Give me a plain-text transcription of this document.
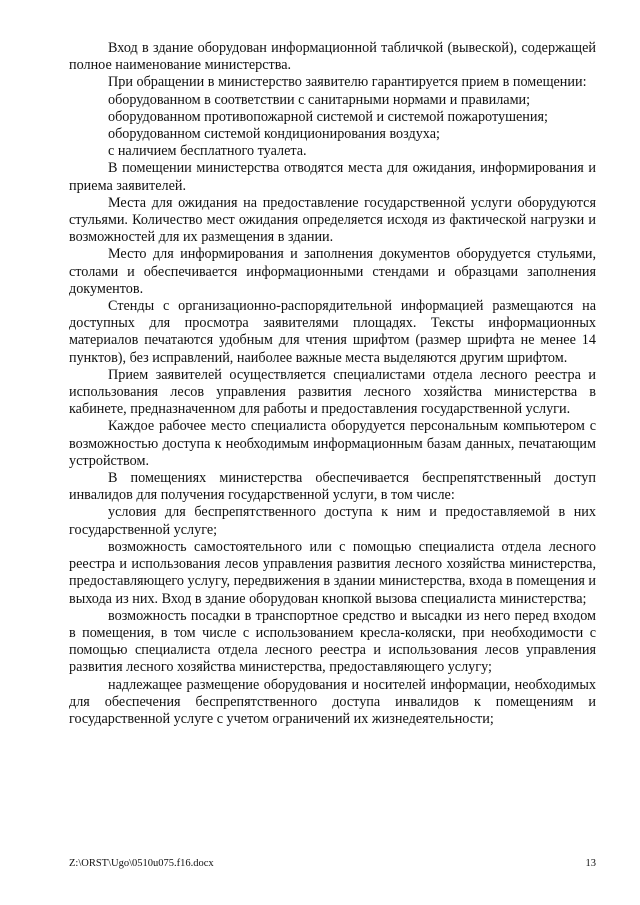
Вход в здание оборудован информационной табличкой (вывеской), содержащей полное наименование министерства.

При обращении в министерство заявителю гарантируется прием в помещении:

оборудованном в соответствии с санитарными нормами и правилами;

оборудованном противопожарной системой и системой пожаротушения;

оборудованном системой кондиционирования воздуха;

с наличием бесплатного туалета.

В помещении министерства отводятся места для ожидания, информирования и приема заявителей.

Места для ожидания на предоставление государственной услуги оборудуются стульями. Количество мест ожидания определяется исходя из фактической нагрузки и возможностей для их размещения в здании.

Место для информирования и заполнения документов оборудуется стульями, столами и обеспечивается информационными стендами и образцами заполнения документов.

Стенды с организационно-распорядительной информацией размещаются на доступных для просмотра заявителями площадях. Тексты информационных материалов печатаются удобным для чтения шрифтом (размер шрифта не менее 14 пунктов), без исправлений, наиболее важные места выделяются другим шрифтом.

Прием заявителей осуществляется специалистами отдела лесного реестра и использования лесов управления развития лесного хозяйства министерства в кабинете, предназначенном для работы и предоставления государственной услуги.

Каждое рабочее место специалиста оборудуется персональным компьютером с возможностью доступа к необходимым информационным базам данных, печатающим устройством.

В помещениях министерства обеспечивается беспрепятственный доступ инвалидов для получения государственной услуги, в том числе:

условия для беспрепятственного доступа к ним и предоставляемой в них государственной услуге;

возможность самостоятельного или с помощью специалиста отдела лесного реестра и использования лесов управления развития лесного хозяйства министерства, предоставляющего услугу, передвижения в здании министерства, входа в помещения и выхода из них. Вход в здание оборудован кнопкой вызова специалиста министерства;

возможность посадки в транспортное средство и высадки из него перед входом в помещения, в том числе с использованием кресла-коляски, при необходимости с помощью специалиста отдела лесного реестра и использования лесов управления развития лесного хозяйства министерства, предоставляющего услугу;

надлежащее размещение оборудования и носителей информации, необходимых для обеспечения беспрепятственного доступа инвалидов к помещениям и государственной услуге с учетом ограничений их жизнедеятельности;

Z:\ORST\Ugo\0510u075.f16.docx	13
